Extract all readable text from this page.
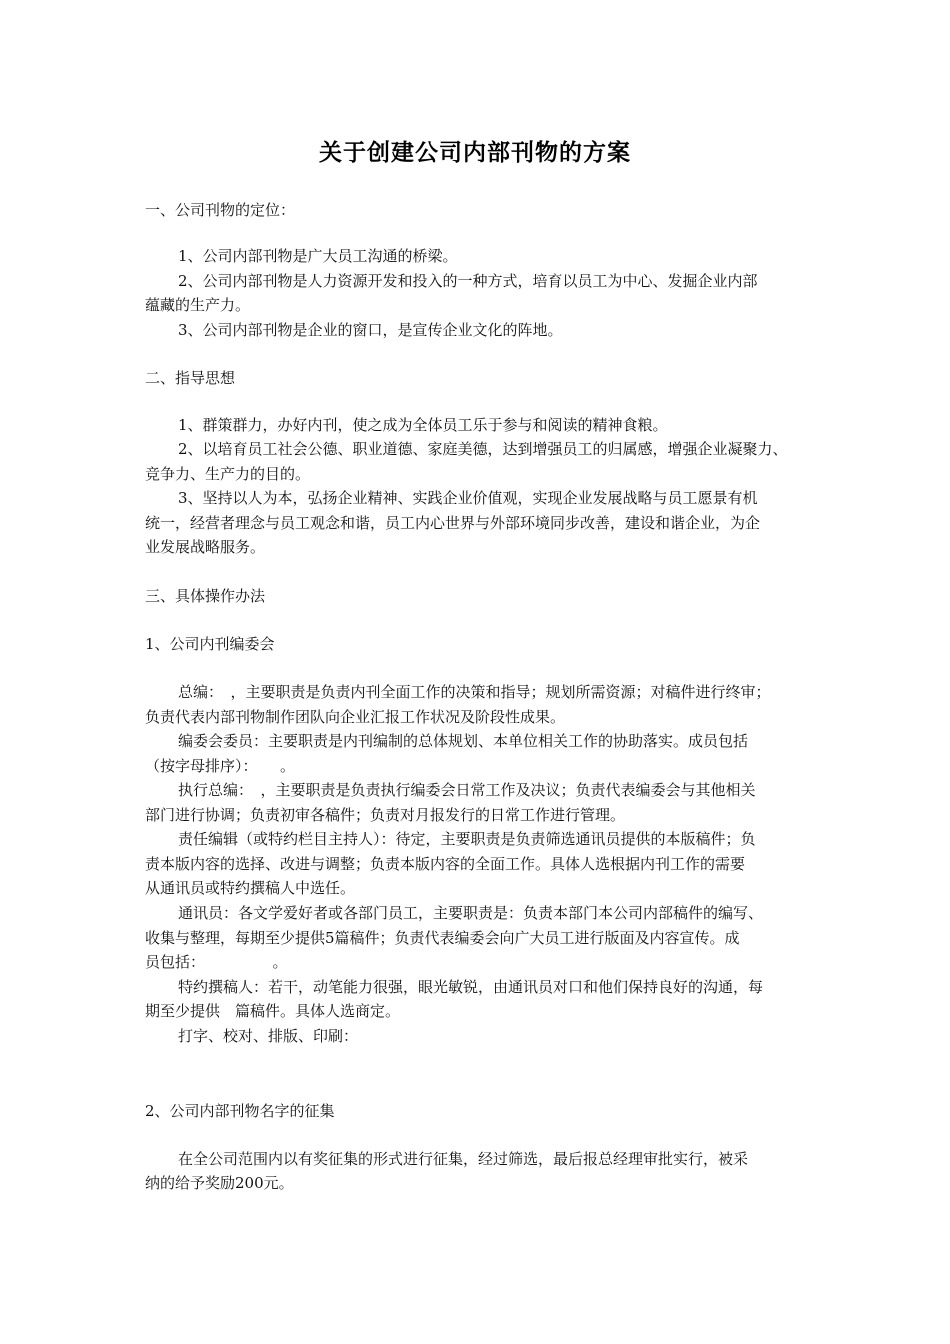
关于创建公司内部刊物的方案
一、公司刊物的定位：
1、公司内部刊物是广大员工沟通的桥梁。
2、公司内部刊物是人力资源开发和投入的一种方式，培育以员工为中心、发掘企业内部
蕴藏的生产力。
3、公司内部刊物是企业的窗口，是宣传企业文化的阵地。
二、指导思想
1、群策群力，办好内刊，使之成为全体员工乐于参与和阅读的精神食粮。
2、以培育员工社会公德、职业道德、家庭美德，达到增强员工的归属感，增强企业凝聚力、
竞争力、生产力的目的。
3、坚持以人为本，弘扬企业精神、实践企业价值观，实现企业发展战略与员工愿景有机
统一，经营者理念与员工观念和谐，员工内心世界与外部环境同步改善，建设和谐企业，为企
业发展战略服务。
三、具体操作办法
1、公司内刊编委会
总编：　，主要职责是负责内刊全面工作的决策和指导；规划所需资源；对稿件进行终审；
负责代表内部刊物制作团队向企业汇报工作状况及阶段性成果。
编委会委员：主要职责是内刊编制的总体规划、本单位相关工作的协助落实。成员包括
（按字母排序）：　　。
执行总编：　，主要职责是负责执行编委会日常工作及决议；负责代表编委会与其他相关
部门进行协调；负责初审各稿件；负责对月报发行的日常工作进行管理。
责任编辑（或特约栏目主持人）：待定，主要职责是负责筛选通讯员提供的本版稿件；负
责本版内容的选择、改进与调整；负责本版内容的全面工作。具体人选根据内刊工作的需要
从通讯员或特约撰稿人中选任。
通讯员：各文学爱好者或各部门员工，主要职责是：负责本部门本公司内部稿件的编写、
收集与整理，每期至少提供5篇稿件；负责代表编委会向广大员工进行版面及内容宣传。成
员包括：　　　　　。
特约撰稿人：若干，动笔能力很强，眼光敏锐，由通讯员对口和他们保持良好的沟通，每
期至少提供　篇稿件。具体人选商定。
打字、校对、排版、印刷：
2、公司内部刊物名字的征集
在全公司范围内以有奖征集的形式进行征集，经过筛选，最后报总经理审批实行，被采
纳的给予奖励200元。
